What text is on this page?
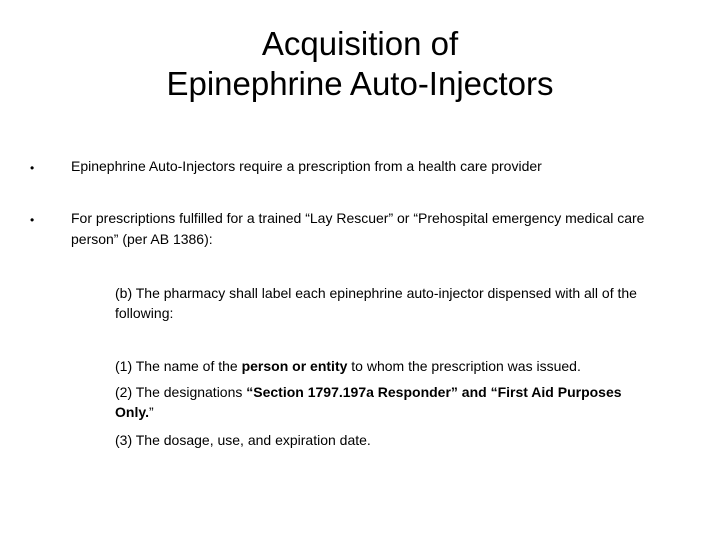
Acquisition of
Epinephrine Auto-Injectors
•	Epinephrine Auto-Injectors require a prescription from a health care provider
•	For prescriptions fulfilled for a trained “Lay Rescuer” or “Prehospital emergency medical care person” (per AB 1386):
(b) The pharmacy shall label each epinephrine auto-injector dispensed with all of the following:
(1) The name of the person or entity to whom the prescription was issued.
(2) The designations “Section 1797.197a Responder” and “First Aid Purposes Only.”
(3) The dosage, use, and expiration date.
